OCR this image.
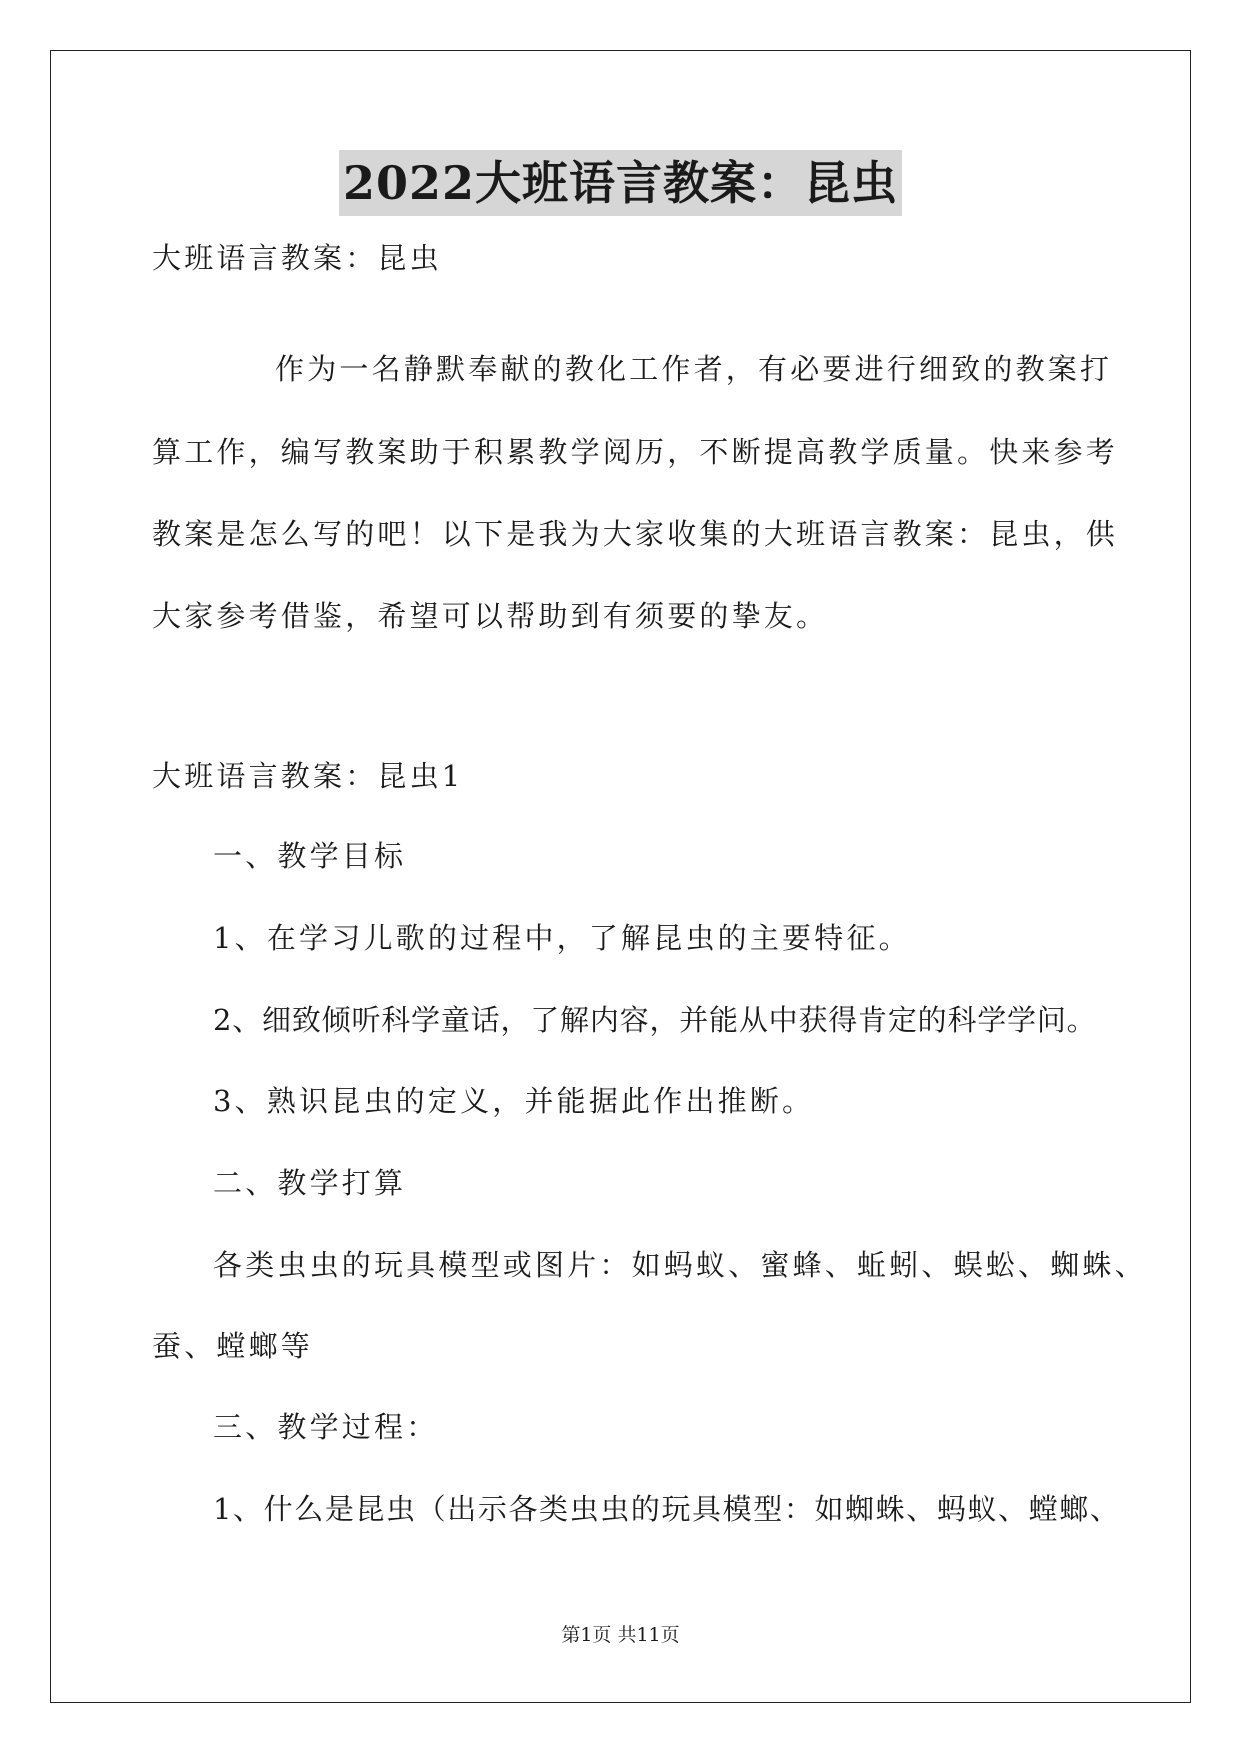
2022大班语言教案：昆虫
大班语言教案：昆虫
作为一名静默奉献的教化工作者，有必要进行细致的教案打
算工作，编写教案助于积累教学阅历，不断提高教学质量。快来参考
教案是怎么写的吧！以下是我为大家收集的大班语言教案：昆虫，供
大家参考借鉴，希望可以帮助到有须要的挚友。
大班语言教案：昆虫1
一、教学目标
1、在学习儿歌的过程中，了解昆虫的主要特征。
2、细致倾听科学童话，了解内容，并能从中获得肯定的科学学问。
3、熟识昆虫的定义，并能据此作出推断。
二、教学打算
各类虫虫的玩具模型或图片：如蚂蚁、蜜蜂、蚯蚓、蜈蚣、蜘蛛、
蚕、螳螂等
三、教学过程：
1、什么是昆虫（出示各类虫虫的玩具模型：如蜘蛛、蚂蚁、螳螂、
第1页 共11页
